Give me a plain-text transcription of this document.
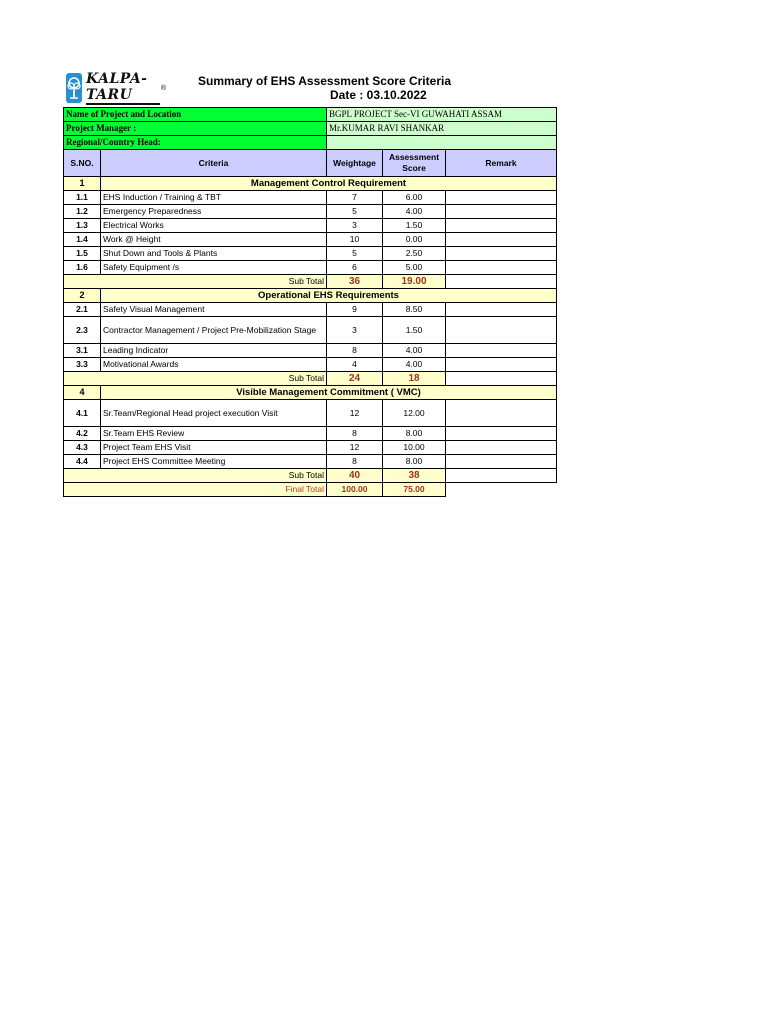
KALPA-TARU	®	Summary of EHS Assessment Score Criteria
Date : 03.10.2022
Name of Project and Location		BGPL PROJECT Sec-VI GUWAHATI ASSAM		
Project Manager :		Mr.KUMAR RAVI SHANKAR		
Regional/Country Head:				
S.NO.	Criteria	Weightage	Assessment Score	Remark
1	Management Control Requirement			
1.1	EHS Induction / Training & TBT	7	6.00	
1.2	Emergency Preparedness	5	4.00	
1.3	Electrical Works	3	1.50	
1.4	Work @ Height	10	0.00	
1.5	Shut Down and Tools & Plants	5	2.50	
1.6	Safety Equipment /s	6	5.00	
Sub Total		36	19.00	
2	Operational EHS Requirements			
2.1	Safety Visual Management	9	8.50	
2.3	Contractor Management / Project Pre-Mobilization Stage	3	1.50	
3.1	Leading Indicator	8	4.00	
3.3	Motivational Awards	4	4.00	
Sub Total		24	18	
4	Visible Management Commitment ( VMC)			
4.1	Sr.Team/Regional Head project execution Visit	12	12.00	
4.2	Sr.Team EHS Review	8	8.00	
4.3	Project Team EHS Visit	12	10.00	
4.4	Project EHS Committee Meeting	8	8.00	
Sub Total		40	38	
Final Total		100.00	75.00	
